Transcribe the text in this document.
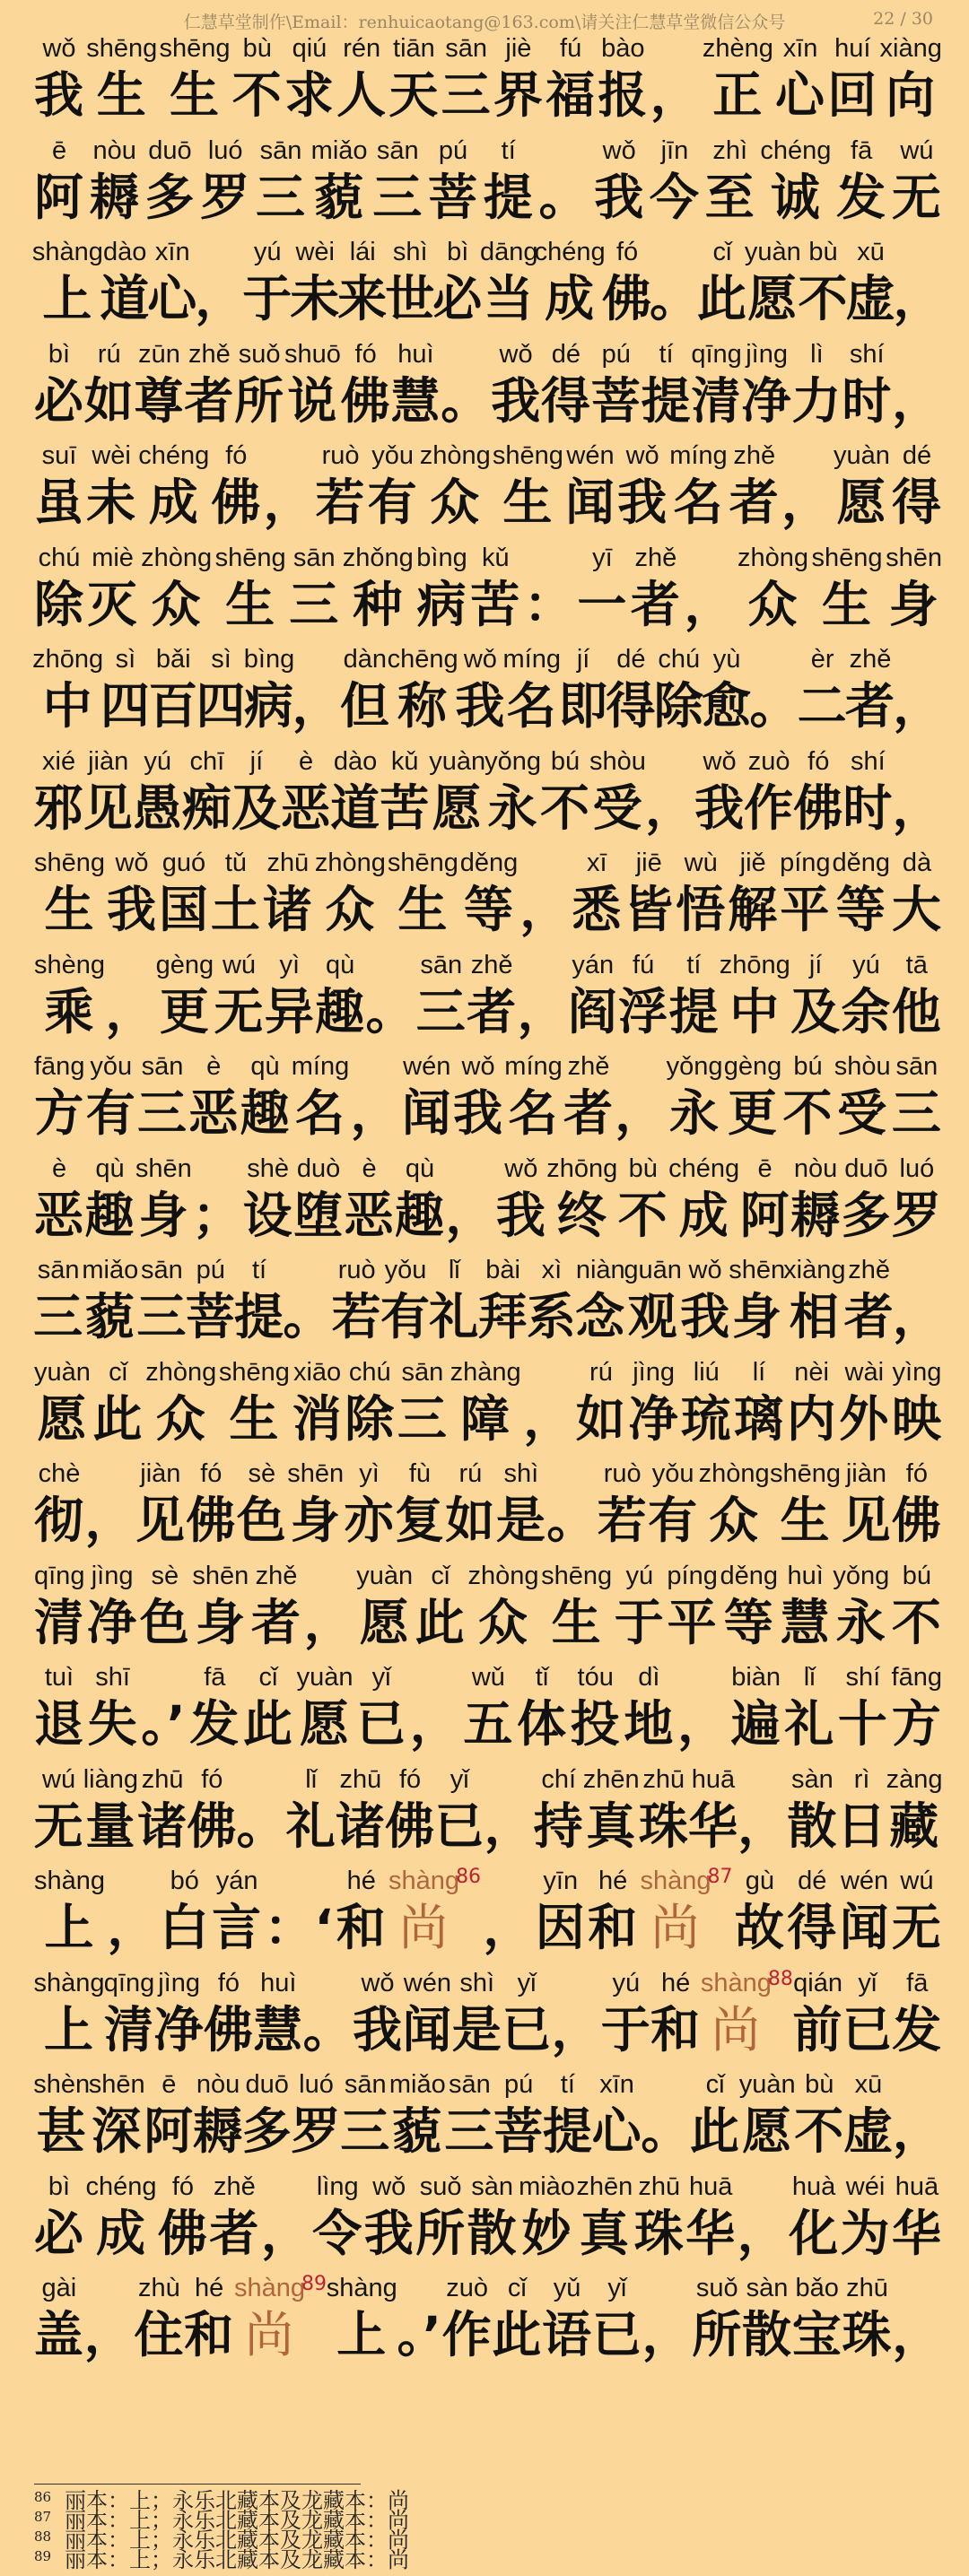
仁慧草堂制作\Email：renhuicaotang@163.com\请关注仁慧草堂微信公众号	22 / 30
wǒ
我
shēng
生
shēng
生
bù
不
qiú
求
rén
人
tiān
天
sān
三
jiè
界
fú
福
bào
报 ，
zhèng
正
xīn
心
huí
回
xiàng
向
ē
阿
nòu
耨
duō
多
luó
罗
sān
三
miǎo
藐
sān
三
pú
菩
tí
提 。
wǒ
我
jīn
今
zhì
至
chéng
诚
fā
发
wú
无
shàng
上
dào
道
xīn
心
，
yú
于
wèi
未
lái
来
shì
世
bì
必
dāng
当
chéng
成
fó
佛
。
cǐ
此
yuàn
愿
bù
不
xū
虚
，
bì
必
rú
如
zūn
尊
zhě
者
suǒ
所
shuō
说
fó
佛
huì
慧 。
wǒ
我
dé
得
pú
菩
tí
提
qīng
清
jìng
净
lì
力
shí
时 ，
suī
虽
wèi
未
chéng
成
fó
佛 ，
ruò
若
yǒu
有
zhòng
众
shēng
生
wén
闻
wǒ
我
míng
名
zhě
者 ，
yuàn
愿
dé
得
chú
除
miè
灭
zhòng
众
shēng
生
sān
三
zhǒng
种
bìng
病
kǔ
苦 ：
yī
一
zhě
者 ，
zhòng
众
shēng
生
shēn
身
zhōng
中
sì
四
bǎi
百
sì
四
bìng
病
，
dàn
但
chēng
称
wǒ
我
míng
名
jí
即
dé
得
chú
除
yù
愈
。
èr
二
zhě
者
，
xié
邪
jiàn
见
yú
愚
chī
痴
jí
及
è
恶
dào
道
kǔ
苦
yuàn
愿
yǒng
永
bú
不
shòu
受 ，
wǒ
我
zuò
作
fó
佛
shí
时 ，
shēng
生
wǒ
我
guó
国
tǔ
土
zhū
诸
zhòng
众
shēng
生
děng
等 ，
xī
悉
jiē
皆
wù
悟
jiě
解
píng
平
děng
等
dà
大
shèng
乘 ，
gèng
更
wú
无
yì
异
qù
趣 。
sān
三
zhě
者 ，
yán
阎
fú
浮
tí
提
zhōng
中
jí
及
yú
余
tā
他
fāng
方
yǒu
有
sān
三
è
恶
qù
趣
míng
名 ，
wén
闻
wǒ
我
míng
名
zhě
者 ，
yǒng
永
gèng
更
bú
不
shòu
受
sān
三
è
恶
qù
趣
shēn
身 ；
shè
设
duò
堕
è
恶
qù
趣 ，
wǒ
我
zhōng
终
bù
不
chéng
成
ē
阿
nòu
耨
duō
多
luó
罗
sān
三
miǎo
藐
sān
三
pú
菩
tí
提
。
ruò
若
yǒu
有
lǐ
礼
bài
拜
xì
系
niàn
念
guān
观
wǒ
我
shēn
身
xiàng
相
zhě
者
，
yuàn
愿
cǐ
此
zhòng
众
shēng
生
xiāo
消
chú
除
sān
三
zhàng
障 ，
rú
如
jìng
净
liú
琉
lí
璃
nèi
内
wài
外
yìng
映
chè
彻 ，
jiàn
见
fó
佛
sè
色
shēn
身
yì
亦
fù
复
rú
如
shì
是 。
ruò
若
yǒu
有
zhòng
众
shēng
生
jiàn
见
fó
佛
qīng
清
jìng
净
sè
色
shēn
身
zhě
者 ，
yuàn
愿
cǐ
此
zhòng
众
shēng
生
yú
于
píng
平
děng
等
huì
慧
yǒng
永
bú
不
tuì
退
shī
失 。’
fā
发
cǐ
此
yuàn
愿
yǐ
已 ，
wǔ
五
tǐ
体
tóu
投
dì
地 ，
biàn
遍
lǐ
礼
shí
十
fāng
方
wú
无
liàng
量
zhū
诸
fó
佛 。
lǐ
礼
zhū
诸
fó
佛
yǐ
已 ，
chí
持
zhēn
真
zhū
珠
huā
华 ，
sàn
散
rì
日
zàng
藏
shàng
上 ，
bó
白
yán
言 ：‘
hé
和
shàng
尚
86
，
yīn
因
hé
和
shàng
尚
87 gù
故
dé
得
wén
闻
wú
无
shàng
上
qīng
清
jìng
净
fó
佛
huì
慧 。
wǒ
我
wén
闻
shì
是
yǐ
已 ，
yú
于
hé
和
shàng
尚
88 qián
前
yǐ
已
fā
发
shèn
甚
shēn
深
ē
阿
nòu
耨
duō
多
luó
罗
sān
三
miǎo
藐
sān
三
pú
菩
tí
提
xīn
心
。
cǐ
此
yuàn
愿
bù
不
xū
虚
，
bì
必
chéng
成
fó
佛
zhě
者 ，
lìng
令
wǒ
我
suǒ
所
sàn
散
miào
妙
zhēn
真
zhū
珠
huā
华 ，
huà
化
wéi
为
huā
华
gài
盖 ，
zhù
住
hé
和
shàng
尚
89 shàng
上 。’
zuò
作
cǐ
此
yǔ
语
yǐ
已 ，
suǒ
所
sàn
散
bǎo
宝
zhū
珠 ，
86 丽本：上；永乐北藏本及龙藏本：尚
87 丽本：上；永乐北藏本及龙藏本：尚
88 丽本：上；永乐北藏本及龙藏本：尚
89 丽本：上；永乐北藏本及龙藏本：尚
